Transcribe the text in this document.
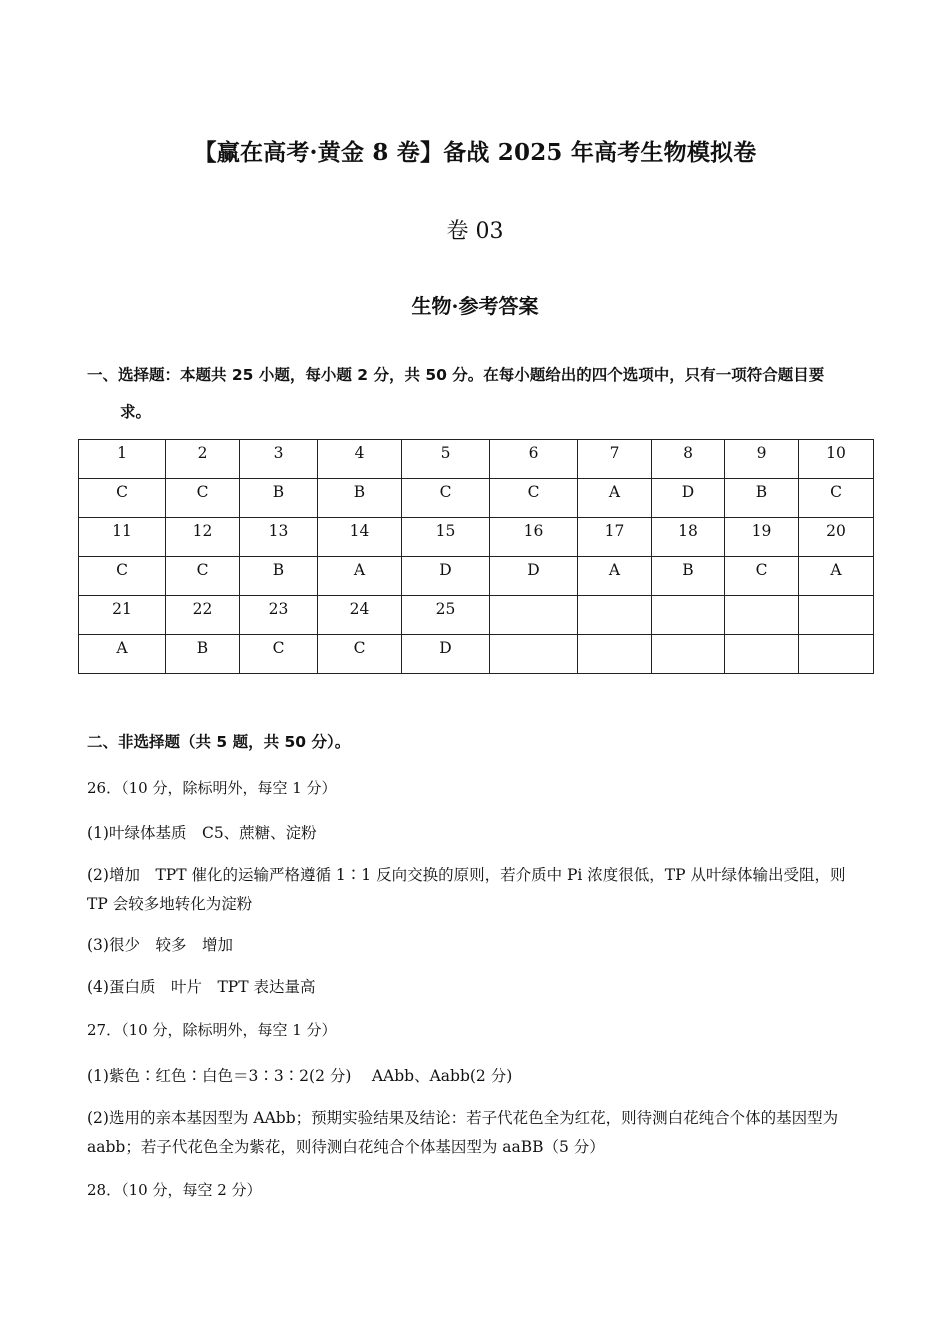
【赢在高考·黄金 8 卷】备战 2025 年高考生物模拟卷
卷 03
生物·参考答案
一、选择题：本题共 25 小题，每小题 2 分，共 50 分。在每小题给出的四个选项中，只有一项符合题目要
求。
1	2	3	4	5	6	7	8	9	10
C	C	B	B	C	C	A	D	B	C
11	12	13	14	15	16	17	18	19	20
C	C	B	A	D	D	A	B	C	A
21	22	23	24	25					
A	B	C	C	D					
二、非选择题（共 5 题，共 50 分）。
26．（10 分，除标明外，每空 1 分）
(1)叶绿体基质　C5、蔗糖、淀粉
(2)增加　TPT 催化的运输严格遵循 1∶1 反向交换的原则，若介质中 Pi 浓度很低，TP 从叶绿体输出受阻，则 TP 会较多地转化为淀粉
(3)很少　较多　增加
(4)蛋白质　叶片　TPT 表达量高
27．（10 分，除标明外，每空 1 分）
(1)紫色∶红色∶白色＝3∶3∶2(2 分)　 AAbb、Aabb(2 分)
(2)选用的亲本基因型为 AAbb；预期实验结果及结论：若子代花色全为红花，则待测白花纯合个体的基因型为 aabb；若子代花色全为紫花，则待测白花纯合个体基因型为 aaBB（5 分）
28．（10 分，每空 2 分）
